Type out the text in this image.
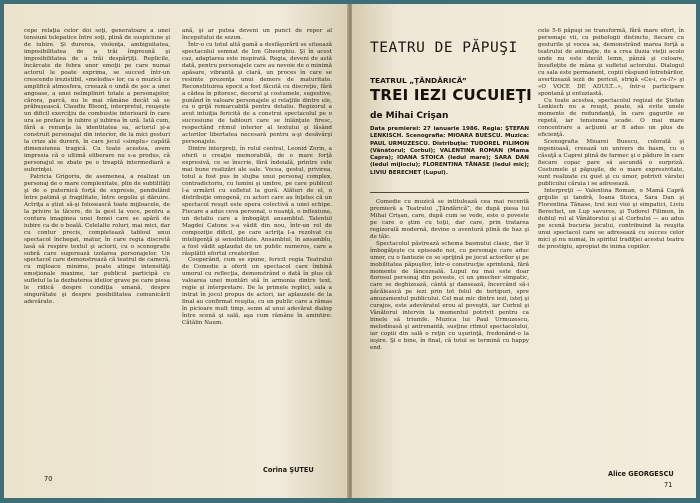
cepe relaţia celor doi soţi, generatoare a unei tensiuni telepatice între soţi, plină de suspiciune şi de iubire. Şi durerea, violenţa, ambiguitatea, imposibilitatea de a trăi împreună şi imposibilitatea de a trăi despărţiţi. Replicile, încărcate de febra unor emoţii pe care numai actorul le poate exprima, se succed într-un crescendo irezistibil, «melodia» lor, ca o muzică ce amplifică atmosfera, creează o undă de şoc a unei angoase, a unei neîmpliniri totale a personajelor, cărora, parcă, nu le mai rămâne decât să se prăbuşească. Claudiu Bleonţ, interpretul, reuşeşte un dificil exerciţiu de combustie interioară în care ura se preface în iubire şi iubirea în ură. Iată cum, fără a renunţa la identitatea sa, actorul şi-a construit personajul din interior, de la mici gesturi la crize ale durerii, în care jocul «simplu» capătă dimensiunea tragică. Cu toate acestea, avem impresia că o ultimă eliberare nu s-a produs, că personajul se zbate pe o treaptă intermediară a suferinţei.

Patricia Grigoriu, de asemenea, a realizat un personaj de o mare complexitate, plin de subtilităţi şi de o puternică forţă de expresie, pendulând între patimă şi fragilitate, între orgoliu şi dăruire. Actriţa a ştiut să-şi folosească toate mijloacele, de la privire la tăcere, de la gest la voce, pentru a contura imaginea unei femei care se apără de iubire ca de o boală. Celelalte roluri, mai mici, dar cu contur precis, completează tabloul unui spectacol închegat, matur, în care regia discretă lasă să respire textul şi actorii, cu o scenografie sobră care sugerează izolarea personajelor. Un spectacol care demonstrează că teatrul de cameră, cu mijloace minime, poate atinge intensităţi emoţionale maxime, iar publicul participă cu sufletul la la dezbaterea ideilor grave pe care piesa le ridică despre condiţia umană, despre singurătate şi despre posibilitatea comunicării adevărate.

ană, şi ar putea deveni un punct de reper al începutului de sezon.

Într-o cu totul altă gamă a desfăşurării se situează spectacolul semnat de Ion Gheorghiu. Şi în acest caz, adaptarea este inspirată. Regia, deveni de astă dată, pentru personajele care au nevoie de o minimă apăsare, vibrantă şi clară, un proces în care se resimte prezenţa unui demers de maturitate. Reconstituirea epocii a fost făcută cu discreţie, fără a cădea în pitoresc, decorul şi costumele, sugestive, punând în valoare personajele şi relaţiile dintre ele, cu o grijă remarcabilă pentru detaliu. Regizorul a avut intuiţia fericită de a construi spectacolul pe o succesiune de tablouri care se înlănţuie firesc, respectând ritmul interior al textului şi lăsând actorilor libertatea necesară pentru a-şi desăvârşi personajele.

Dintre interpreţi, în rolul central, Leonid Zorin, a oferit o creaţie memorabilă, de o mare forţă expresivă, ce se înscrie, fără îndoială, printre cele mai bune realizări ale sale. Vocea, gestul, privirea, totul a fost pus în slujba unui personaj complex, contradictoriu, cu lumini şi umbre, pe care publicul l-a urmărit cu sufletul la gură. Alături de el, o distribuţie omogenă, cu actori care au înţeles că un spectacol reuşit este opera colectivă a unei echipe. Fiecare a adus ceva personal, o nuanţă, o inflexiune, un detaliu care a îmbogăţit ansamblul. Talentul Magdei Catone s-a vădit din nou, într-un rol de compoziţie dificil, pe care actriţa l-a rezolvat cu inteligenţă şi sensibilitate. Ansamblul, în ansamblu, a fost vădit aplaudat de un public numeros, care a răsplătit efortul creatorilor.

Cooperând, cum se spune, fericit regia Teatrului de Comedie a oferit un spectacol care îmbină umorul cu reflecţia, demonstrând o dată în plus că valoarea unei montări stă în armonia dintre text, regie şi interpretare. De la primele replici, sala a intrat în jocul propus de actori, iar aplauzele de la final au confirmat reuşita, cu un public care a rămas în picioare mult timp, semn al unui adevărat dialog între scenă şi sală, aşa cum rămâne în amintire: Cătălin Naum.

Corina ŞUTEU
70
TEATRU DE PĂPUŞI
TEATRUL „ŢĂNDĂRICĂ”
TREI IEZI CUCUIEŢI
de Mihai Crişan
Data premierei: 27 ianuarie 1986. Regia: ŞTEFAN LENKISCH. Scenografia: MIOARA BUESCU. Muzica: PAUL URMUZESCU. Distribuţia: TUDOREL FILIMON (Vânătorul; Corbul); VALENTINA ROMAN (Mama Capra); IOANA STOICA (Iedul mare); SARA DAN (Iedul mijlociu); FLORENTINA TĂNASE (Iedul mic); LIVIU BERECHET (Lupul).

Comedie cu muzică se intitulează cea mai recentă premieră a Teatrului „Ţăndărică”, de după piesa lui Mihai Crişan, care, după cum se vede, este o poveste pe care o ştim cu toţii, dar care, prin tratarea regizorală modernă, devine o aventură plină de haz şi de tâlc.

Spectacolul păstrează schema basmului clasic, dar îl îmbogăţeşte cu episoade noi, cu personaje care aduc umor, cu o fantezie ce se sprijină pe jocul actorilor şi pe mobilitatea păpuşilor, într-o construcţie sprintenă, fără momente de lâncezeală. Lupul nu mai este doar fiorosul personaj din poveste, ci un şmecher simpatic, care se deghizează, cântă şi dansează, încercând să-i păcălească pe iezi prin tot felul de tertipuri, spre amuzamentul publicului. Cel mai mic dintre iezi, isteţ şi curajos, este adevăratul erou al poveştii, iar Corbul şi Vânătorul intervin la momentul potrivit pentru ca binele să triumfe. Muzica lui Paul Urmuzescu, melodioasă şi antrenantă, susţine ritmul spectacolului, iar copiii din sală o reţin cu uşurinţă, fredonând-o la ieşire. Şi e bine, în final, că totul se termină cu happy end.

cele 5-6 păpuşi se transformă, fără mare efort, în personaje vii, cu psihologii distincte, fiecare cu gesturile şi vocea sa, demonstrând marea forţă a teatrului de animaţie, de a crea iluzia vieţii acolo unde nu este decât lemn, pânză şi culoare, însufleţite de mâna şi sufletul actorului. Dialogul cu sala este permanent, copiii răspund întrebărilor, avertizează iezii de pericol, strigă «Ce-i, ce-i?» şi «O VOCE DE ADULT...», într-o participare spontană şi entuziastă.

Cu toate acestea, spectacolul regizat de Ştefan Lenkisch nu a reuşit, poate, să evite unele momente de redundanţă, în care gagurile se repetă, iar tensiunea scade. O mai mare concentrare a acţiunii ar fi adus un plus de eficienţă.

Scenografia Mioarei Buescu, colorată şi ingenioasă, creează un univers de basm, cu o căsuţă a Caprei plină de farmec şi o pădure în care fiecare copac pare să ascundă o surpriză. Costumele şi păpuşile, de o mare expresivitate, sunt realizate cu gust şi cu umor, potrivit vârstei publicului căruia i se adresează.

Interpreţii — Valentina Roman, o Mamă Capră grijulie şi tandră, Ioana Stoica, Sara Dan şi Florentina Tănase, trei iezi vioi şi simpatici, Liviu Berechet, un Lup savuros, şi Tudorel Filimon, în dublul rol al Vânătorului şi al Corbului — au adus pe scenă bucuria jocului, contribuind la reuşita unui spectacol care se adresează cu succes celor mici şi nu numai, în spiritul tradiţiei acestui teatru de prestigiu, apropiat de inima copiilor.

Alice GEORGESCU
71
